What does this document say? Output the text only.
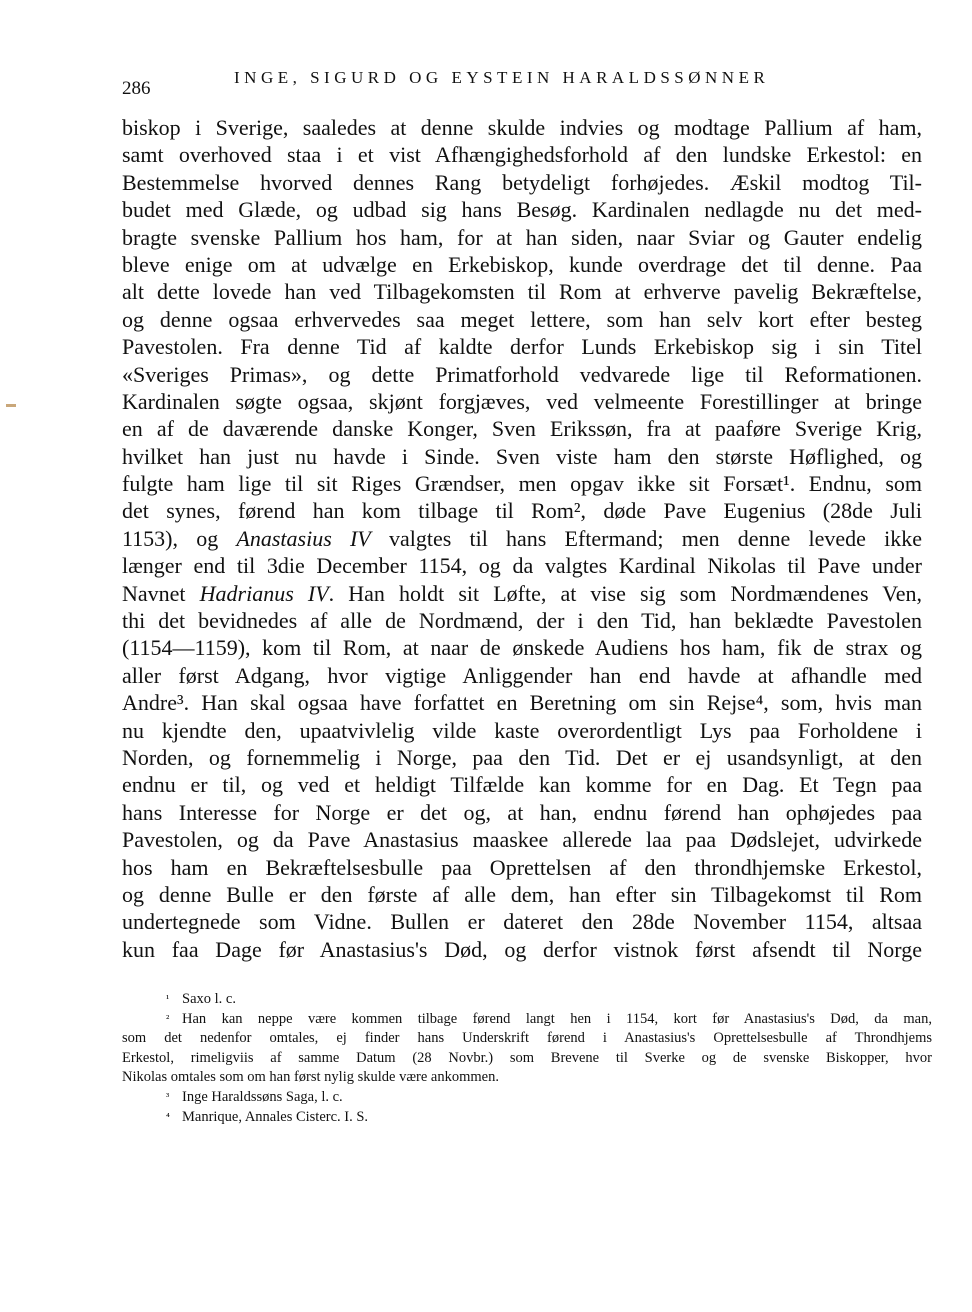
286
INGE, SIGURD OG EYSTEIN HARALDSSØNNER
biskop i Sverige, saaledes at denne skulde indvies og modtage Pallium af ham,
samt overhoved staa i et vist Afhængighedsforhold af den lundske Erkestol: en
Bestemmelse hvorved dennes Rang betydeligt forhøjedes. Æskil modtog Til-
budet med Glæde, og udbad sig hans Besøg. Kardinalen nedlagde nu det med-
bragte svenske Pallium hos ham, for at han siden, naar Sviar og Gauter endelig
bleve enige om at udvælge en Erkebiskop, kunde overdrage det til denne. Paa
alt dette lovede han ved Tilbagekomsten til Rom at erhverve pavelig Bekræftelse,
og denne ogsaa erhvervedes saa meget lettere, som han selv kort efter besteg
Pavestolen. Fra denne Tid af kaldte derfor Lunds Erkebiskop sig i sin Titel
«Sveriges Primas», og dette Primatforhold vedvarede lige til Reformationen.
Kardinalen søgte ogsaa, skjønt forgjæves, ved velmeente Forestillinger at bringe
en af de daværende danske Konger, Sven Erikssøn, fra at paaføre Sverige Krig,
hvilket han just nu havde i Sinde. Sven viste ham den største Høflighed, og
fulgte ham lige til sit Riges Grændser, men opgav ikke sit Forsæt¹. Endnu, som
det synes, førend han kom tilbage til Rom², døde Pave Eugenius (28de Juli
1153), og Anastasius IV valgtes til hans Eftermand; men denne levede ikke
længer end til 3die December 1154, og da valgtes Kardinal Nikolas til Pave under
Navnet Hadrianus IV. Han holdt sit Løfte, at vise sig som Nordmændenes Ven,
thi det bevidnedes af alle de Nordmænd, der i den Tid, han beklædte Pavestolen
(1154—1159), kom til Rom, at naar de ønskede Audiens hos ham, fik de strax og
aller først Adgang, hvor vigtige Anliggender han end havde at afhandle med
Andre³. Han skal ogsaa have forfattet en Beretning om sin Rejse⁴, som, hvis man
nu kjendte den, upaatvivlelig vilde kaste overordentligt Lys paa Forholdene i
Norden, og fornemmelig i Norge, paa den Tid. Det er ej usandsynligt, at den
endnu er til, og ved et heldigt Tilfælde kan komme for en Dag. Et Tegn paa
hans Interesse for Norge er det og, at han, endnu førend han ophøjedes paa
Pavestolen, og da Pave Anastasius maaskee allerede laa paa Dødslejet, udvirkede
hos ham en Bekræftelsesbulle paa Oprettelsen af den throndhjemske Erkestol,
og denne Bulle er den første af alle dem, han efter sin Tilbagekomst til Rom
undertegnede som Vidne. Bullen er dateret den 28de November 1154, altsaa
kun faa Dage før Anastasius's Død, og derfor vistnok først afsendt til Norge
¹ Saxo l. c.
² Han kan neppe være kommen tilbage førend langt hen i 1154, kort før Anastasius's Død, da man,
som det nedenfor omtales, ej finder hans Underskrift førend i Anastasius's Oprettelsesbulle af Throndhjems
Erkestol, rimeligviis af samme Datum (28 Novbr.) som Brevene til Sverke og de svenske Biskopper, hvor
Nikolas omtales som om han først nylig skulde være ankommen.
³ Inge Haraldssøns Saga, l. c.
⁴ Manrique, Annales Cisterc. I. S.
